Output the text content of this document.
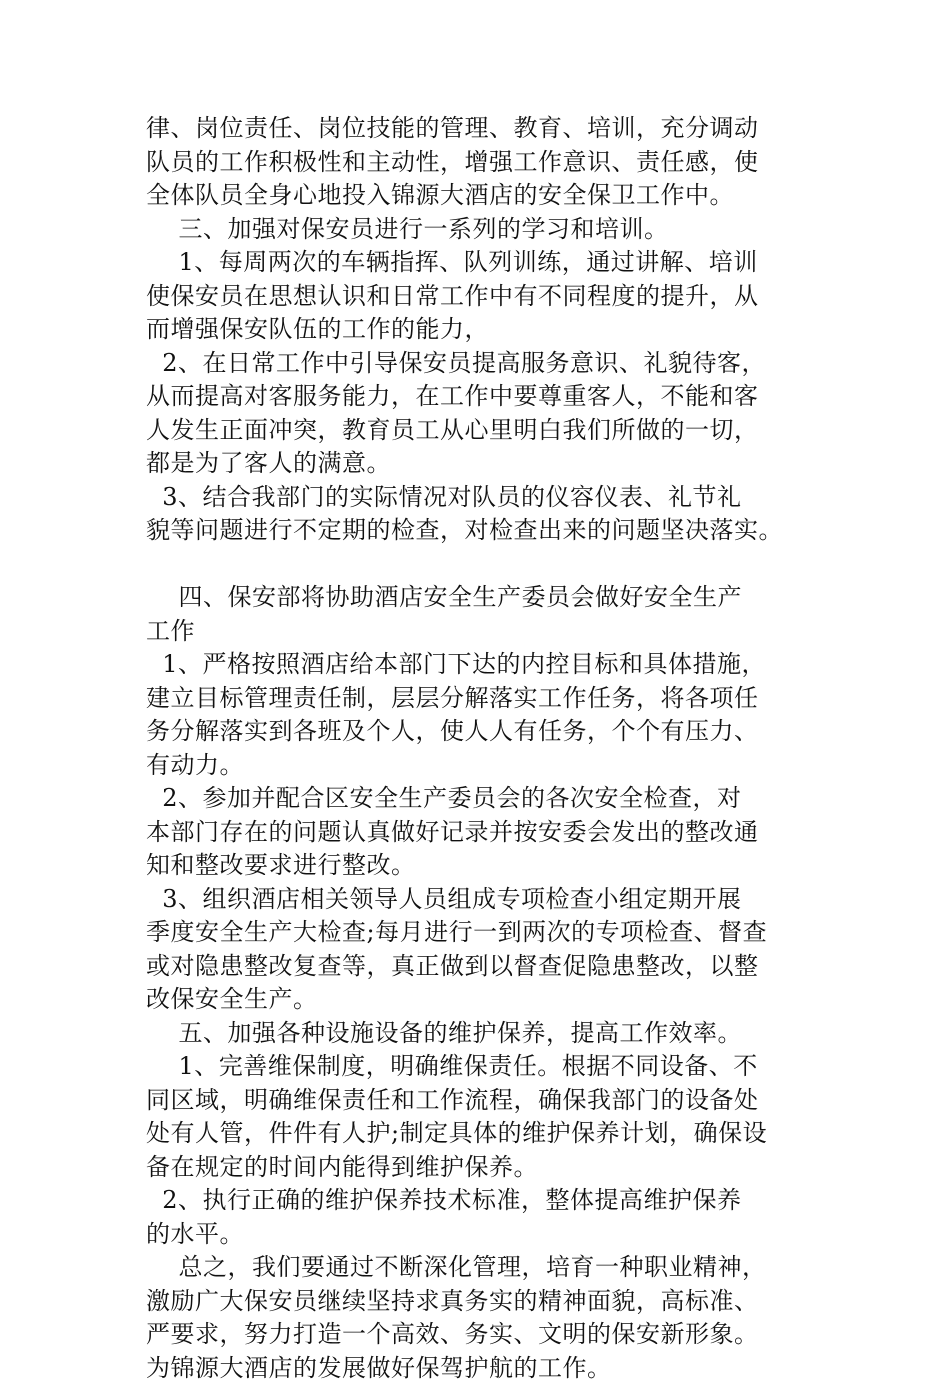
律、岗位责任、岗位技能的管理、教育、培训，充分调动
队员的工作积极性和主动性，增强工作意识、责任感，使
全体队员全身心地投入锦源大酒店的安全保卫工作中。
三、加强对保安员进行一系列的学习和培训。
1、每周两次的车辆指挥、队列训练，通过讲解、培训
使保安员在思想认识和日常工作中有不同程度的提升，从
而增强保安队伍的工作的能力，
2、在日常工作中引导保安员提高服务意识、礼貌待客，
从而提高对客服务能力，在工作中要尊重客人，不能和客
人发生正面冲突，教育员工从心里明白我们所做的一切，
都是为了客人的满意。
3、结合我部门的实际情况对队员的仪容仪表、礼节礼
貌等问题进行不定期的检查，对检查出来的问题坚决落实。
四、保安部将协助酒店安全生产委员会做好安全生产
工作
1、严格按照酒店给本部门下达的内控目标和具体措施，
建立目标管理责任制，层层分解落实工作任务，将各项任
务分解落实到各班及个人，使人人有任务，个个有压力、
有动力。
2、参加并配合区安全生产委员会的各次安全检查，对
本部门存在的问题认真做好记录并按安委会发出的整改通
知和整改要求进行整改。
3、组织酒店相关领导人员组成专项检查小组定期开展
季度安全生产大检查;每月进行一到两次的专项检查、督查
或对隐患整改复查等，真正做到以督查促隐患整改，以整
改保安全生产。
五、加强各种设施设备的维护保养，提高工作效率。
1、完善维保制度，明确维保责任。根据不同设备、不
同区域，明确维保责任和工作流程，确保我部门的设备处
处有人管，件件有人护;制定具体的维护保养计划，确保设
备在规定的时间内能得到维护保养。
2、执行正确的维护保养技术标准，整体提高维护保养
的水平。
总之，我们要通过不断深化管理，培育一种职业精神，
激励广大保安员继续坚持求真务实的精神面貌，高标准、
严要求，努力打造一个高效、务实、文明的保安新形象。
为锦源大酒店的发展做好保驾护航的工作。
